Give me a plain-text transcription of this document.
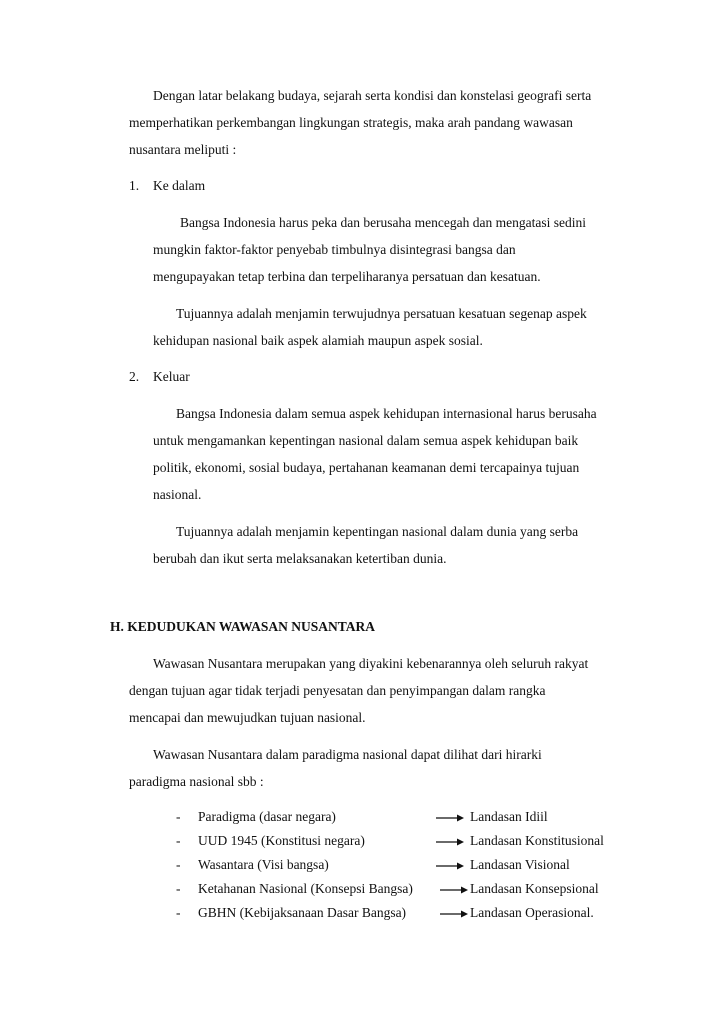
Dengan latar belakang budaya, sejarah serta kondisi dan konstelasi geografi serta
memperhatikan perkembangan lingkungan strategis, maka arah pandang wawasan
nusantara meliputi :
1. Ke dalam
Bangsa Indonesia harus peka dan berusaha mencegah dan mengatasi sedini
mungkin faktor-faktor penyebab timbulnya disintegrasi bangsa dan
mengupayakan tetap terbina dan terpeliharanya persatuan dan kesatuan.
Tujuannya adalah menjamin terwujudnya persatuan kesatuan segenap aspek
kehidupan nasional baik aspek alamiah maupun aspek sosial.
2. Keluar
Bangsa Indonesia dalam semua aspek kehidupan internasional harus berusaha
untuk mengamankan kepentingan nasional dalam semua aspek kehidupan baik
politik, ekonomi, sosial budaya, pertahanan keamanan demi tercapainya tujuan
nasional.
Tujuannya adalah menjamin kepentingan nasional dalam dunia yang serba
berubah dan ikut serta melaksanakan ketertiban dunia.
H. KEDUDUKAN WAWASAN NUSANTARA
Wawasan Nusantara merupakan yang diyakini kebenarannya oleh seluruh rakyat
dengan tujuan agar tidak terjadi penyesatan dan penyimpangan dalam rangka
mencapai dan mewujudkan tujuan nasional.
Wawasan Nusantara dalam paradigma nasional dapat dilihat dari hirarki
paradigma nasional sbb :
- Paradigma (dasar negara)	Landasan Idiil
- UUD 1945 (Konstitusi negara)	Landasan Konstitusional
- Wasantara (Visi bangsa)	Landasan Visional
- Ketahanan Nasional (Konsepsi Bangsa)	Landasan Konsepsional
- GBHN (Kebijaksanaan Dasar Bangsa)	Landasan Operasional.
